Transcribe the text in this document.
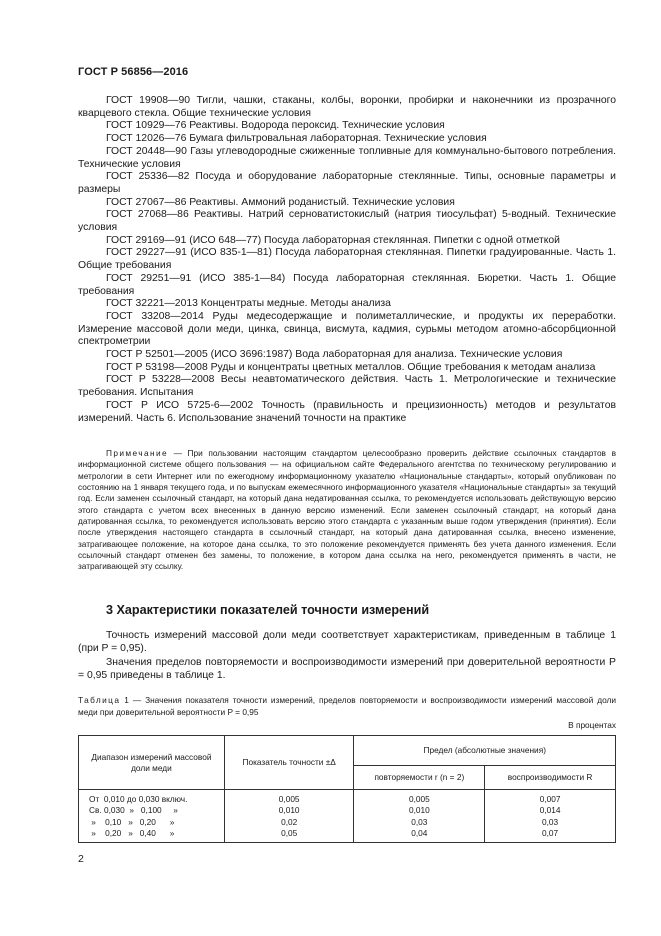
ГОСТ Р 56856—2016

ГОСТ 19908—90 Тигли, чашки, стаканы, колбы, воронки, пробирки и наконечники из прозрачного кварцевого стекла. Общие технические условия

ГОСТ 10929—76 Реактивы. Водорода пероксид. Технические условия

ГОСТ 12026—76 Бумага фильтровальная лабораторная. Технические условия

ГОСТ 20448—90 Газы углеводородные сжиженные топливные для коммунально-бытового потребления. Технические условия

ГОСТ 25336—82 Посуда и оборудование лабораторные стеклянные. Типы, основные параметры и размеры

ГОСТ 27067—86 Реактивы. Аммоний роданистый. Технические условия

ГОСТ 27068—86 Реактивы. Натрий серноватистокислый (натрия тиосульфат) 5-водный. Технические условия

ГОСТ 29169—91 (ИСО 648—77) Посуда лабораторная стеклянная. Пипетки с одной отметкой

ГОСТ 29227—91 (ИСО 835-1—81) Посуда лабораторная стеклянная. Пипетки градуированные. Часть 1. Общие требования

ГОСТ 29251—91 (ИСО 385-1—84) Посуда лабораторная стеклянная. Бюретки. Часть 1. Общие требования

ГОСТ 32221—2013 Концентраты медные. Методы анализа

ГОСТ 33208—2014 Руды медесодержащие и полиметаллические, и продукты их переработки. Измерение массовой доли меди, цинка, свинца, висмута, кадмия, сурьмы методом атомно-абсорбционной спектрометрии

ГОСТ Р 52501—2005 (ИСО 3696:1987) Вода лабораторная для анализа. Технические условия

ГОСТ Р 53198—2008 Руды и концентраты цветных металлов. Общие требования к методам анализа

ГОСТ Р 53228—2008 Весы неавтоматического действия. Часть 1. Метрологические и технические требования. Испытания

ГОСТ Р ИСО 5725-6—2002 Точность (правильность и прецизионность) методов и результатов измерений. Часть 6. Использование значений точности на практике

Примечание — При пользовании настоящим стандартом целесообразно проверить действие ссылочных стандартов в информационной системе общего пользования — на официальном сайте Федерального агентства по техническому регулированию и метрологии в сети Интернет или по ежегодному информационному указателю «Национальные стандарты», который опубликован по состоянию на 1 января текущего года, и по выпускам ежемесячного информационного указателя «Национальные стандарты» за текущий год. Если заменен ссылочный стандарт, на который дана недатированная ссылка, то рекомендуется использовать действующую версию этого стандарта с учетом всех внесенных в данную версию изменений. Если заменен ссылочный стандарт, на который дана датированная ссылка, то рекомендуется использовать версию этого стандарта с указанным выше годом утверждения (принятия). Если после утверждения настоящего стандарта в ссылочный стандарт, на который дана датированная ссылка, внесено изменение, затрагивающее положение, на которое дана ссылка, то это положение рекомендуется применять без учета данного изменения. Если ссылочный стандарт отменен без замены, то положение, в котором дана ссылка на него, рекомендуется применять в части, не затрагивающей эту ссылку.

3 Характеристики показателей точности измерений

Точность измерений массовой доли меди соответствует характеристикам, приведенным в таблице 1 (при P = 0,95).

Значения пределов повторяемости и воспроизводимости измерений при доверительной вероятности P = 0,95 приведены в таблице 1.

Таблица 1 — Значения показателя точности измерений, пределов повторяемости и воспроизводимости измерений массовой доли меди при доверительной вероятности P = 0,95

В процентах
Диапазон измерений массовой доли меди	Показатель точности ±Δ	Предел (абсолютные значения)	
		повторяемости r (n = 2)	воспроизводимости R
От  0,010 до 0,030 включ.	0,005	0,005	0,007
Св. 0,030  »   0,100     »	0,010	0,010	0,014
»    0,10   »   0,20      »	0,02	0,03	0,03
»    0,20   »   0,40      »	0,05	0,04	0,07
2
